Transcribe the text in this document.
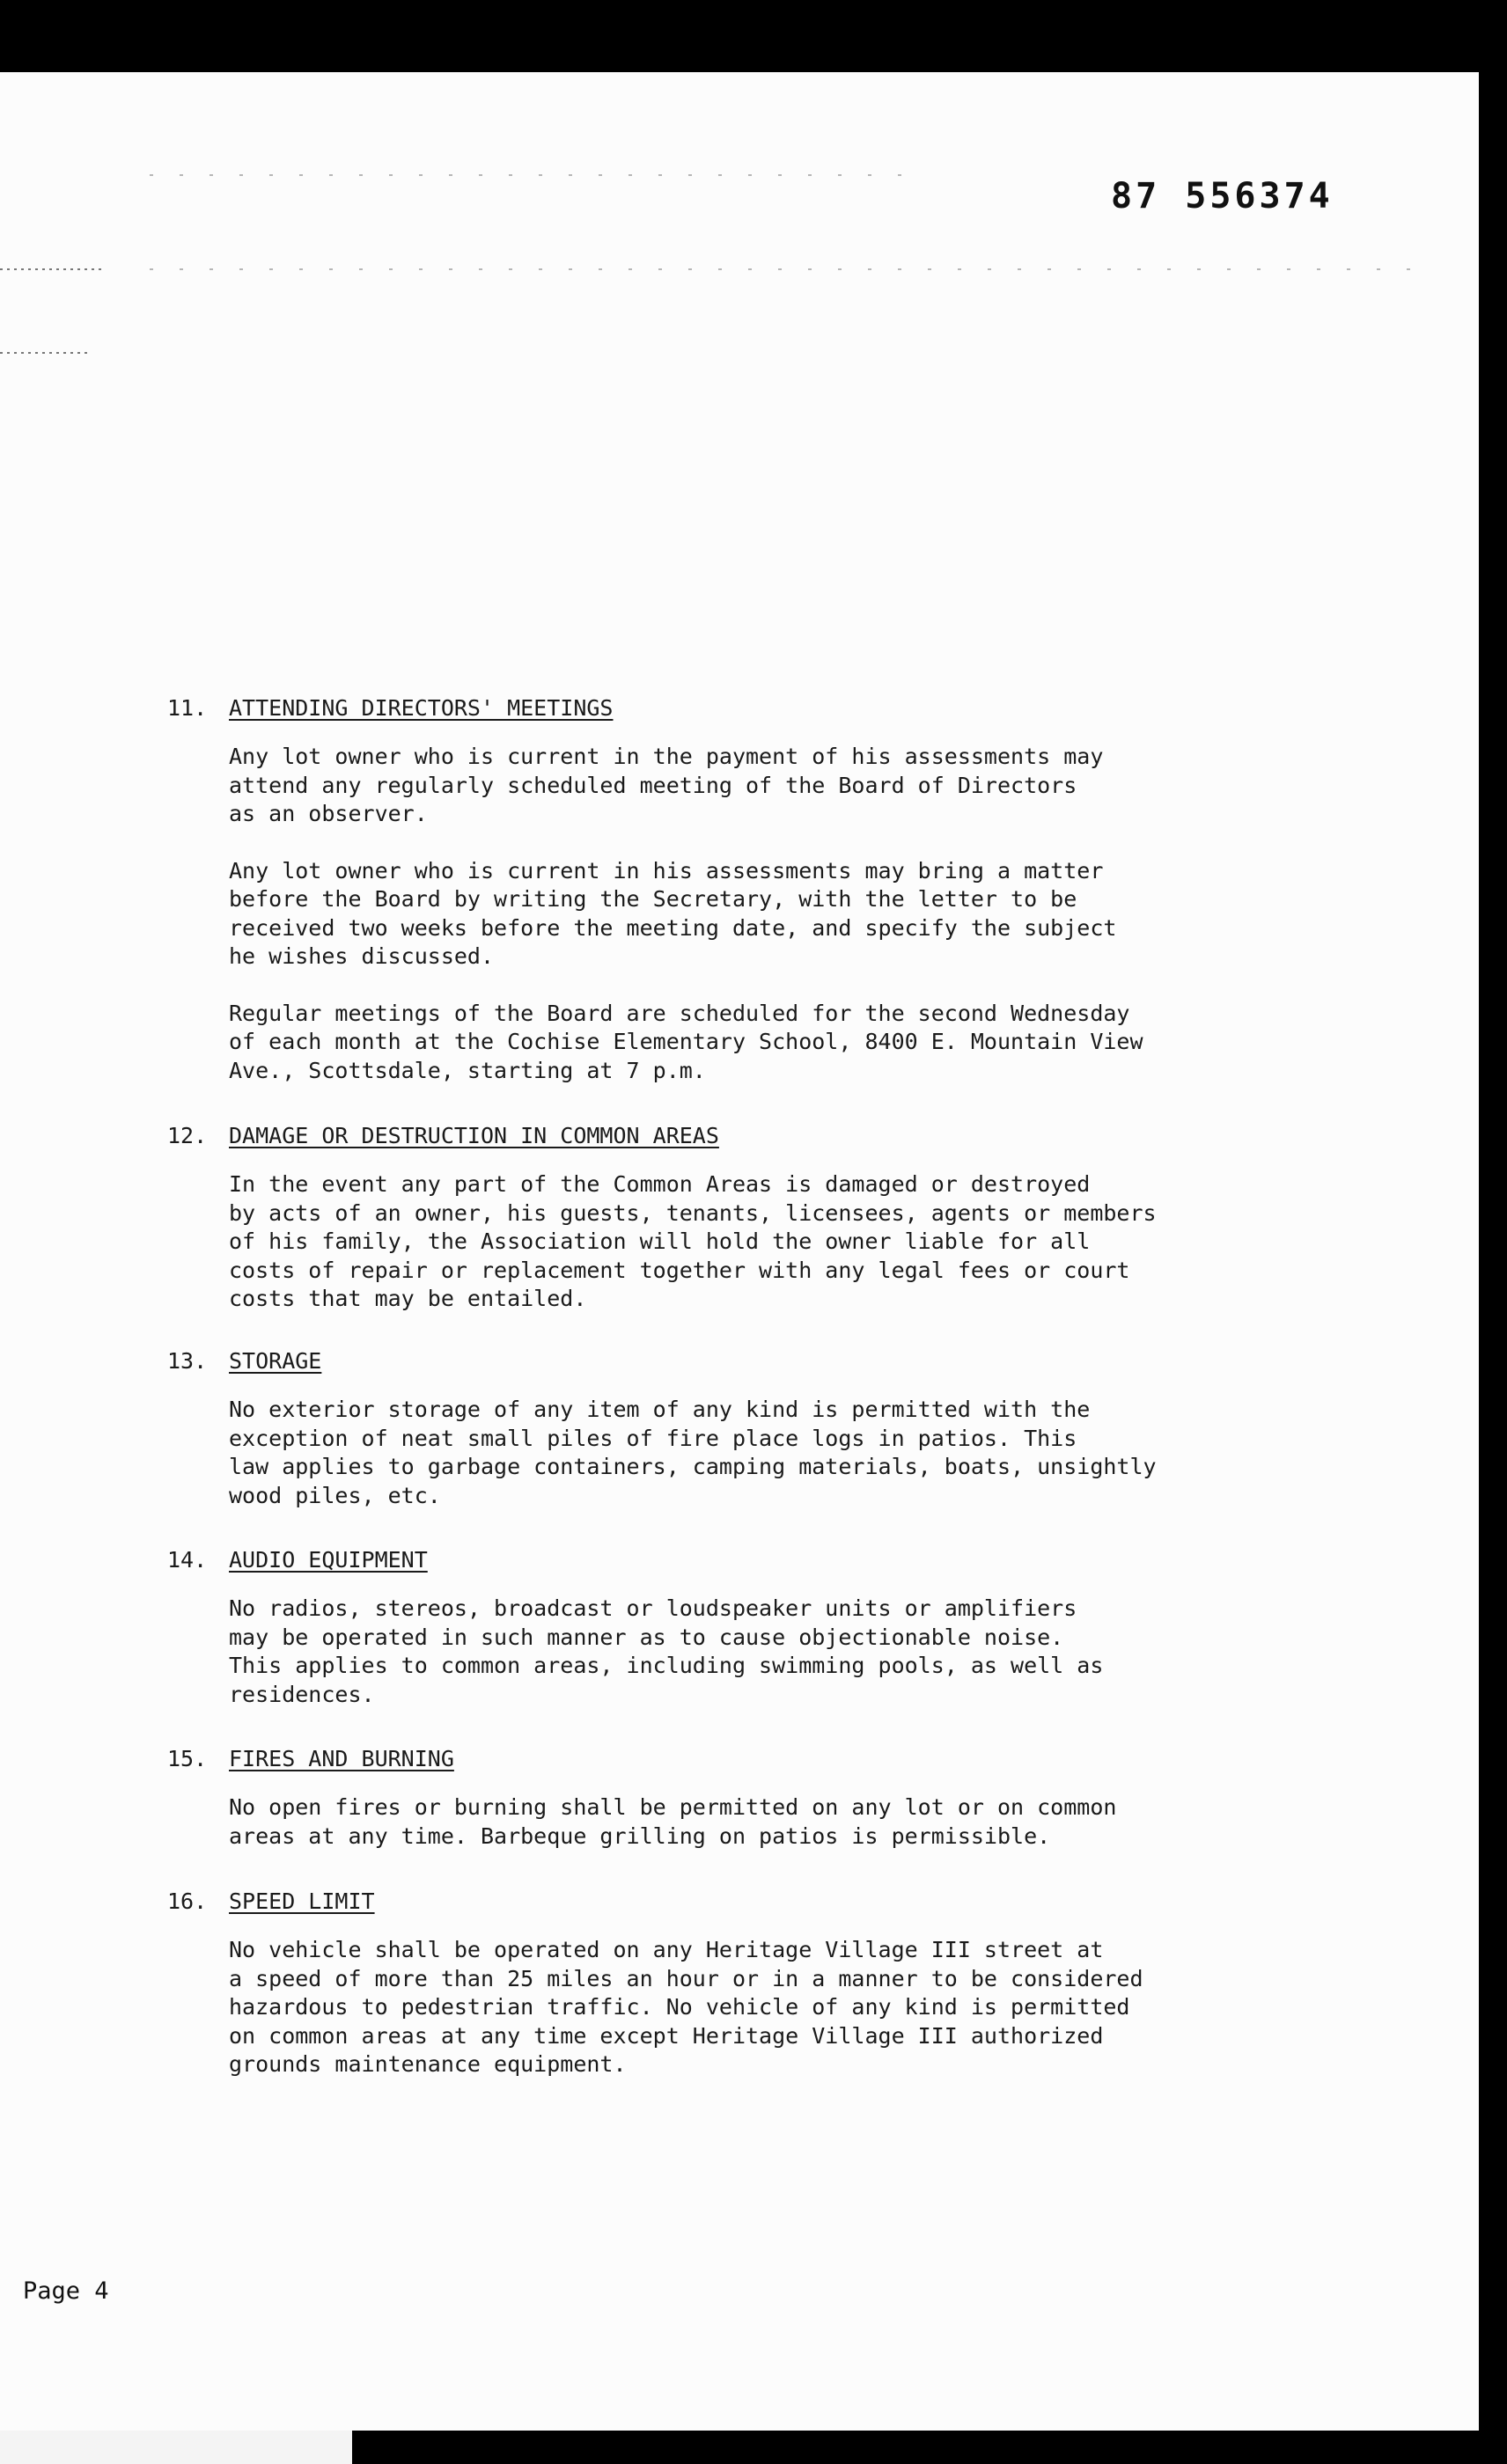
87 556374
11. ATTENDING DIRECTORS' MEETINGS
Any lot owner who is current in the payment of his assessments may
attend any regularly scheduled meeting of the Board of Directors
as an observer.
Any lot owner who is current in his assessments may bring a matter
before the Board by writing the Secretary, with the letter to be
received two weeks before the meeting date, and specify the subject
he wishes discussed.
Regular meetings of the Board are scheduled for the second Wednesday
of each month at the Cochise Elementary School, 8400 E. Mountain View
Ave., Scottsdale, starting at 7 p.m.
12. DAMAGE OR DESTRUCTION IN COMMON AREAS
In the event any part of the Common Areas is damaged or destroyed
by acts of an owner, his guests, tenants, licensees, agents or members
of his family, the Association will hold the owner liable for all
costs of repair or replacement together with any legal fees or court
costs that may be entailed.
13. STORAGE
No exterior storage of any item of any kind is permitted with the
exception of neat small piles of fire place logs in patios. This
law applies to garbage containers, camping materials, boats, unsightly
wood piles, etc.
14. AUDIO EQUIPMENT
No radios, stereos, broadcast or loudspeaker units or amplifiers
may be operated in such manner as to cause objectionable noise.
This applies to common areas, including swimming pools, as well as
residences.
15. FIRES AND BURNING
No open fires or burning shall be permitted on any lot or on common
areas at any time. Barbeque grilling on patios is permissible.
16. SPEED LIMIT
No vehicle shall be operated on any Heritage Village III street at
a speed of more than 25 miles an hour or in a manner to be considered
hazardous to pedestrian traffic. No vehicle of any kind is permitted
on common areas at any time except Heritage Village III authorized
grounds maintenance equipment.
Page 4
